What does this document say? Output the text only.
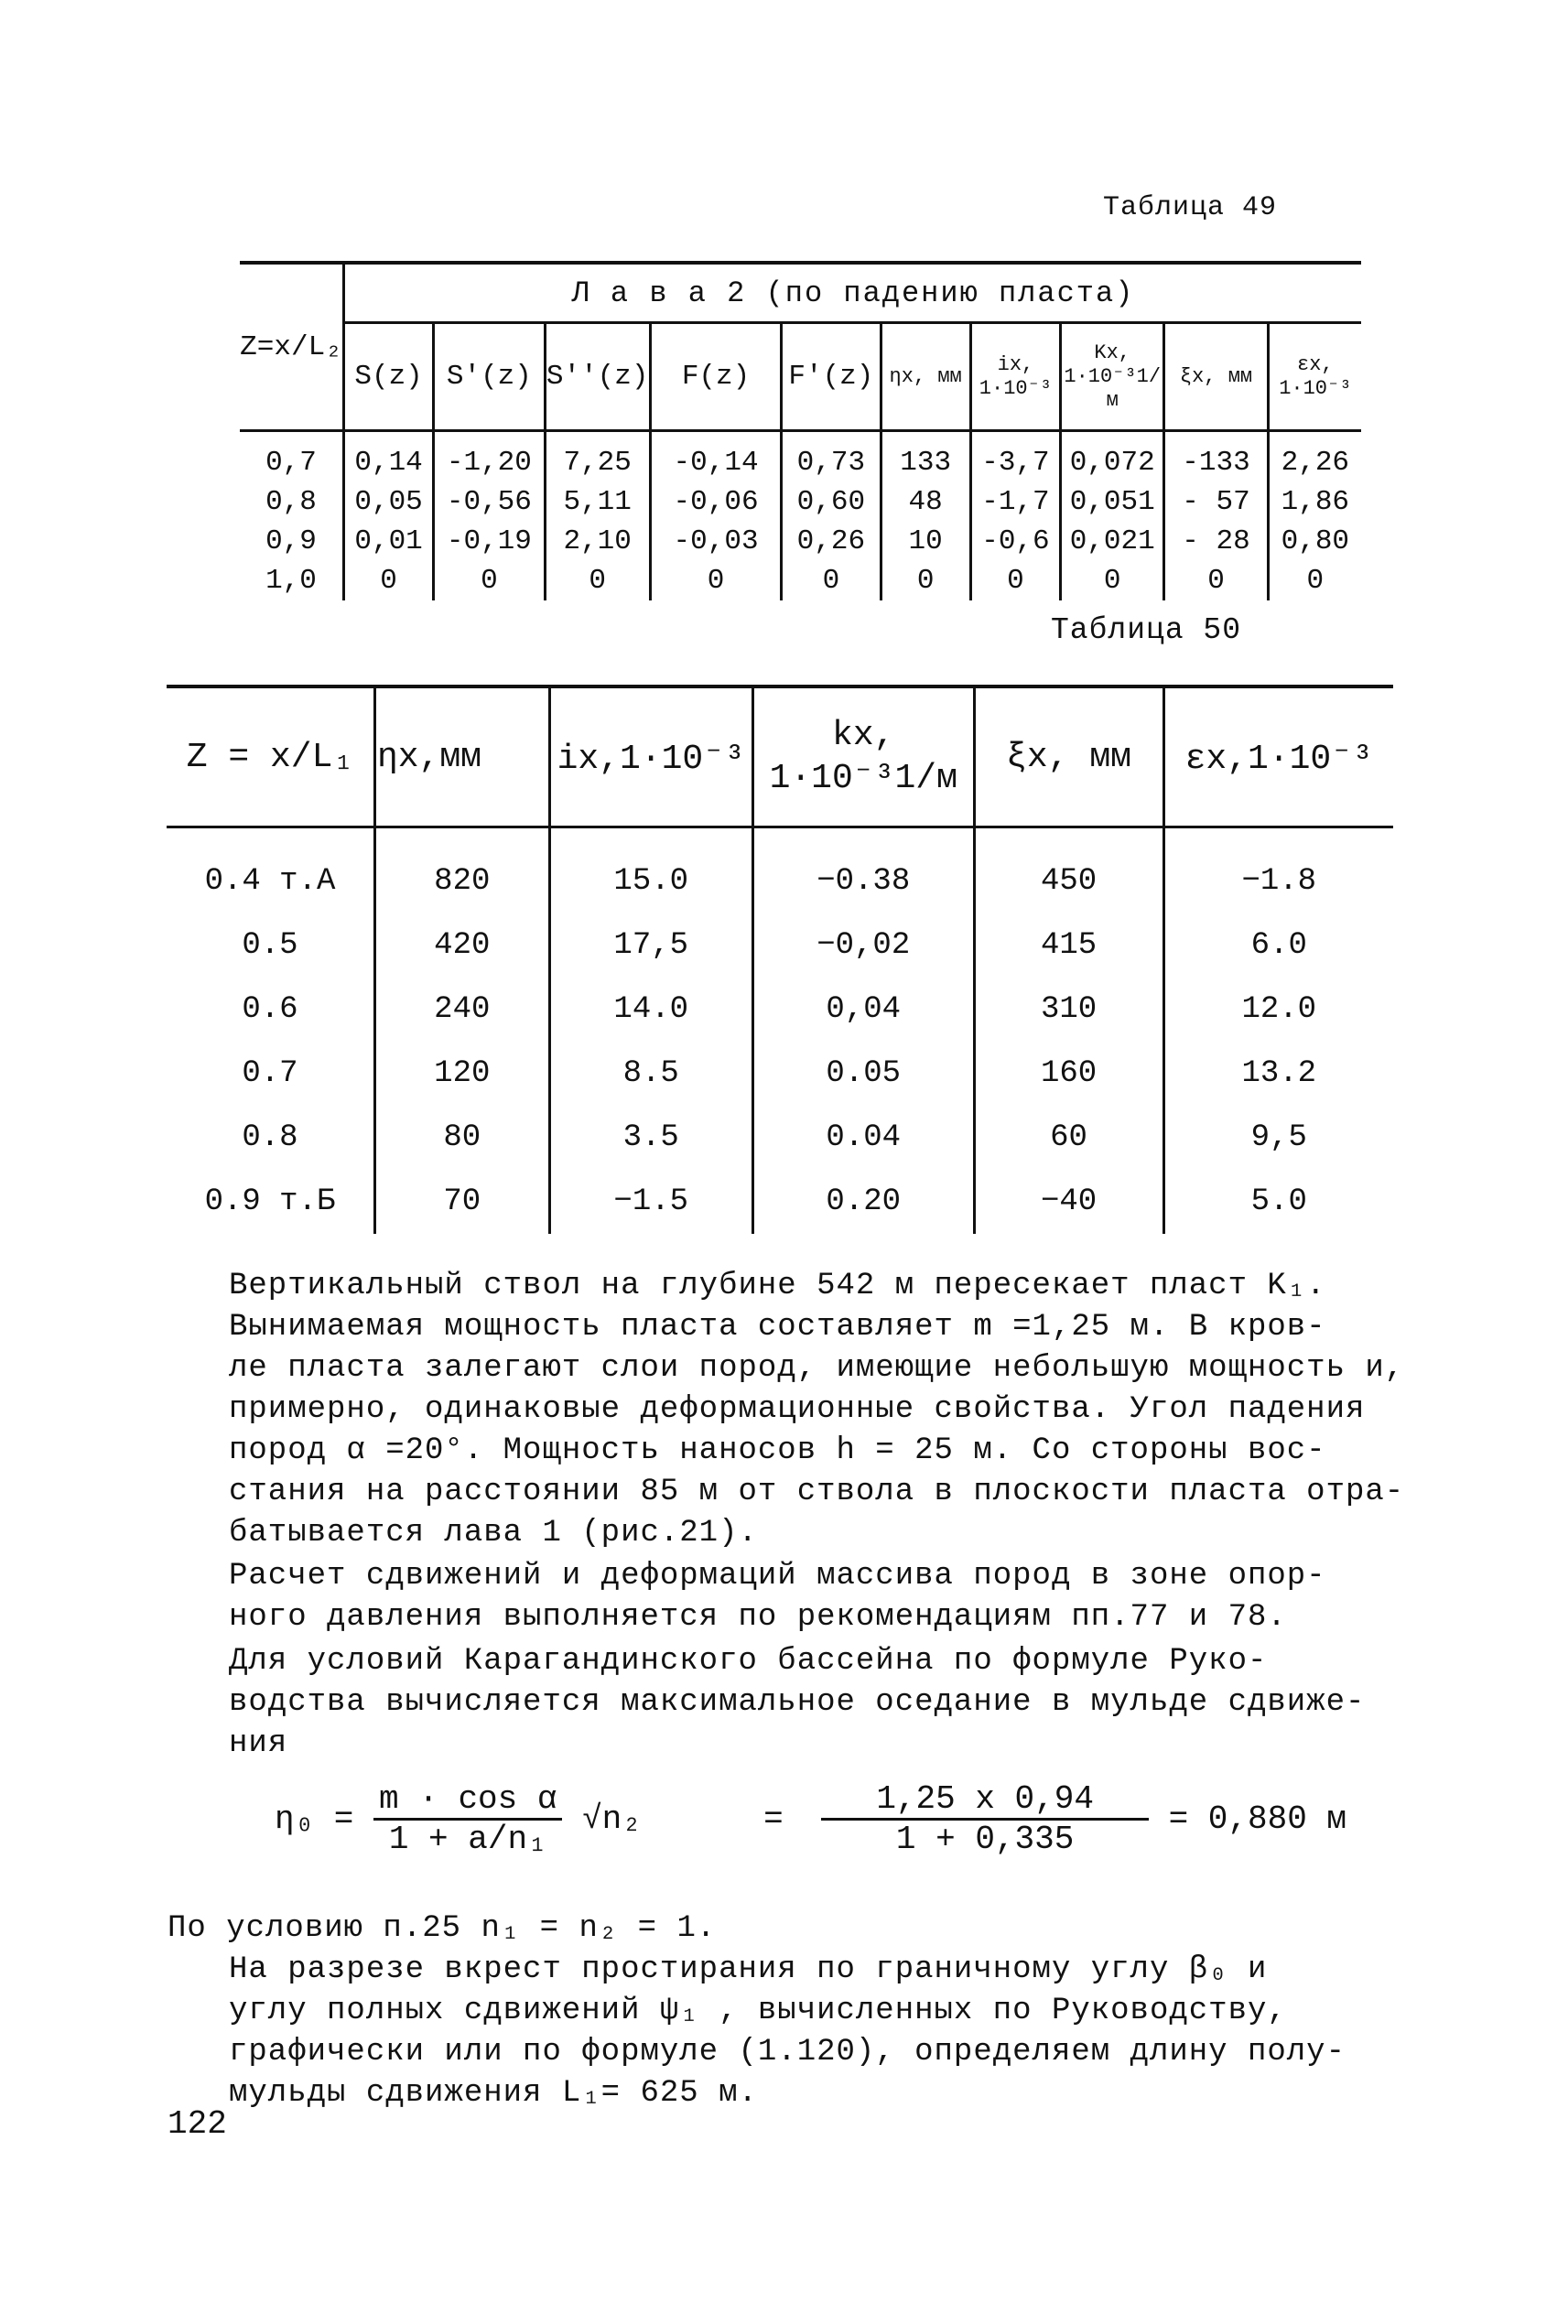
Таблица 49
Z=x/L₂	Л а в а 2 (по падению пласта)									
	S(z)	S'(z)	S''(z)	F(z)	F'(z)	ηx, мм	ix, 1·10⁻³	Kx, 1·10⁻³1/м	ξx, мм	εx, 1·10⁻³
0,7	0,14	-1,20	7,25	-0,14	0,73	133	-3,7	0,072	-133	2,26
0,8	0,05	-0,56	5,11	-0,06	0,60	48	-1,7	0,051	- 57	1,86
0,9	0,01	-0,19	2,10	-0,03	0,26	10	-0,6	0,021	- 28	0,80
1,0	0	0	0	0	0	0	0	0	0	0
Таблица 50
Z = x/L₁	ηx,мм	ix,1·10⁻³	kx, 1·10⁻³1/м	ξx, мм	εx,1·10⁻³
0.4 т.А	820	15.0	−0.38	450	−1.8
0.5	420	17,5	−0,02	415	6.0
0.6	240	14.0	0,04	310	12.0
0.7	120	8.5	0.05	160	13.2
0.8	80	3.5	0.04	60	9,5
0.9 т.Б	70	−1.5	0.20	−40	5.0
Вертикальный ствол на глубине 542 м пересекает пласт K₁.
Вынимаемая мощность пласта составляет m =1,25 м. В кров-
ле пласта залегают слои пород, имеющие небольшую мощность и,
примерно, одинаковые деформационные свойства. Угол падения
пород α =20°. Мощность наносов h = 25 м. Со стороны вос-
стания на расстоянии 85 м от ствола в плоскости пласта отра-
батывается лава 1 (рис.21).
Расчет сдвижений и деформаций массива пород в зоне опор-
ного давления выполняется по рекомендациям пп.77 и 78.
Для условий Карагандинского бассейна по формуле Руко-
водства вычисляется максимальное оседание в мульде сдвиже-
ния
$\eta_0 = \frac{\text{m · cos α}}{\text{1 + a/n₁}} √n_2$	= $\frac{1,25 x 0,94}{1 + 0,335} = 0,880$ м
По условию п.25 n₁ = n₂ = 1.
На разрезе вкрест простирания по граничному углу β₀ и
углу полных сдвижений ψ₁ , вычисленных по Руководству,
графически или по формуле (1.120), определяем длину полу-
мульды сдвижения L₁= 625 м.
122
